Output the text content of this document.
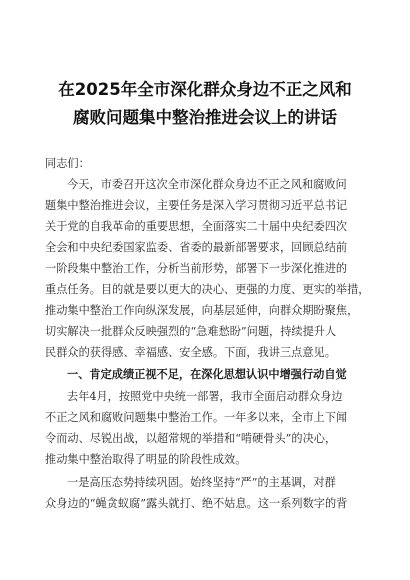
在2025年全市深化群众身边不正之风和
腐败问题集中整治推进会议上的讲话
同志们：
今天，市委召开这次全市深化群众身边不正之风和腐败问
题集中整治推进会议，主要任务是深入学习贯彻习近平总书记
关于党的自我革命的重要思想，全面落实二十届中央纪委四次
全会和中央纪委国家监委、省委的最新部署要求，回顾总结前
一阶段集中整治工作，分析当前形势，部署下一步深化推进的
重点任务。目的就是要以更大的决心、更强的力度、更实的举措，
推动集中整治工作向纵深发展，向基层延伸，向群众期盼聚焦，
切实解决一批群众反映强烈的“急难愁盼”问题，持续提升人
民群众的获得感、幸福感、安全感。下面，我讲三点意见。
一、肯定成绩正视不足，在深化思想认识中增强行动自觉
去年4月，按照党中央统一部署，我市全面启动群众身边
不正之风和腐败问题集中整治工作。一年多以来，全市上下闻
令而动、尽锐出战，以超常规的举措和“啃硬骨头”的决心，
推动集中整治取得了明显的阶段性成效。
一是高压态势持续巩固。始终坚持“严”的主基调，对群
众身边的“蝇贪蚁腐”露头就打、绝不姑息。这一系列数字的背
